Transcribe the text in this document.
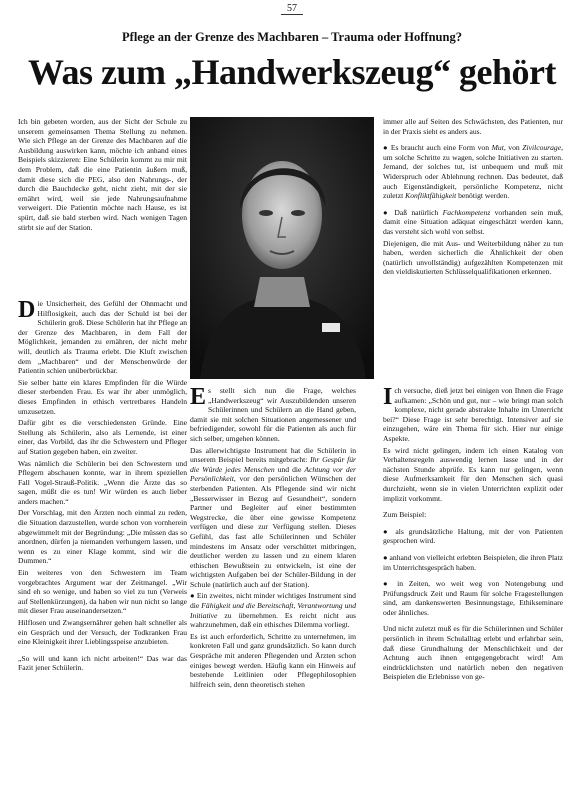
57
Pflege an der Grenze des Machbaren – Trauma oder Hoffnung?
Was zum „Handwerkszeug“ gehört

Ich bin gebeten worden, aus der Sicht der Schule zu unserem gemeinsamen Thema Stellung zu nehmen. Wie sich Pflege an der Grenze des Machbaren auf die Ausbildung auswirken kann, möchte ich anhand eines Beispiels skizzieren: Eine Schülerin kommt zu mir mit dem Problem, daß die eine Patientin äußern muß, damit diese sich die PEG, also den Nahrungs-, der durch die Bauchdecke geht, nicht zieht, mit der sie ernährt wird, weil sie jede Nahrungsaufnahme verweigert. Die Patientin möchte nach Hause, es ist spürt, daß sie bald sterben wird. Nach wenigen Tagen stirbt sie auf der Station.

Die Unsicherheit, des Gefühl der Ohnmacht und Hilflosigkeit, auch das der Schuld ist bei der Schülerin groß. Diese Schülerin hat ihr Pflege an der Grenze des Machbaren, in dem Fall der Möglichkeit, jemanden zu ernähren, der nicht mehr will, deutlich als Trauma erlebt. Die Kluft zwischen dem „Machbaren“ und der Menschenwürde der Patientin schien unüberbrückbar.

Sie selber hatte ein klares Empfinden für die Würde dieser sterbenden Frau. Es war ihr aber unmöglich, dieses Empfinden in ethisch vertretbares Handeln umzusetzen.

Dafür gibt es die verschiedensten Gründe. Eine Stellung als Schülerin, also als Lernende, ist einer einer, das Vorbild, das ihr die Schwestern und Pfleger auf Station gegeben haben, ein zweiter.

Was nämlich die Schülerin bei den Schwestern und Pflegern abschauen konnte, war in ihrem speziellen Fall Vogel-Strauß-Politik. „Wenn die Ärzte das so sagen, müßt die es tun! Wir würden es auch lieber anders machen.“

Der Vorschlag, mit den Ärzten noch einmal zu reden, die Situation darzustellen, wurde schon von vornherein abgewimmelt mit der Begründung: „Die müssen das so anordnen, dürfen ja niemanden verhungern lassen, und wenn es zu einer Klage kommt, sind wir die Dummen.“

Ein weiteres von den Schwestern im Team vorgebrachtes Argument war der Zeitmangel. „Wir sind eh so wenige, und haben so viel zu tun (Verweis auf Stellenkürzungen), da haben wir nun nicht so lange mit dieser Frau auseinandersetzen.“

Hilflosen und Zwangsernährer gehen halt schneller als ein Gespräch und der Versuch, der Todkranken Frau eine Kleinigkeit ihrer Lieblingsspeise anzubieten.

„So will und kann ich nicht arbeiten!“ Das war das Fazit jener Schülerin.

Es stellt sich nun die Frage, welches „Handwerkszeug“ wir Auszubildenden unseren Schülerinnen und Schülern an die Hand geben, damit sie mit solchen Situationen angemessener und befriedigender, sowohl für die Patienten als auch für sich selber, umgehen können.

Das allerwichtigste Instrument hat die Schülerin in unserem Beispiel bereits mitgebracht: Ihr Gespür für die Würde jedes Menschen und die Achtung vor der Persönlichkeit, vor den persönlichen Wünschen der sterbenden Patienten. Als Pflegende sind wir nicht „Besserwisser in Bezug auf Gesundheit“, sondern Partner und Begleiter auf einer bestimmten Wegstrecke, die über eine gewisse Kompetenz verfügen und diese zur Verfügung stellen. Dieses Gefühl, das fast alle Schülerinnen und Schüler mindestens im Ansatz oder verschüttet mitbringen, deutlicher werden zu lassen und zu einem klaren ethischen Bewußtsein zu entwickeln, ist eine der wichtigsten Aufgaben bei der Schüler-Bildung in der Schule (natürlich auch auf der Station).

● Ein zweites, nicht minder wichtiges Instrument sind die Fähigkeit und die Bereitschaft, Verantwortung und Initiative zu übernehmen. Es reicht nicht aus wahrzunehmen, daß ein ethisches Dilemma vorliegt.

Es ist auch erforderlich, Schritte zu unternehmen, im konkreten Fall und ganz grundsätzlich. So kann durch Gespräche mit anderen Pflegenden und Ärzten schon einiges bewegt werden. Häufig kann ein Hinweis auf bestehende Leitlinien oder Pflegephilosophien hilfreich sein, denn theoretisch stehen

immer alle auf Seiten des Schwächsten, des Patienten, nur in der Praxis sieht es anders aus.

● Es braucht auch eine Form von Mut, von Zivilcourage, um solche Schritte zu wagen, solche Initiativen zu starten. Jemand, der solches tut, ist unbequem und muß mit Widerspruch oder Ablehnung rechnen. Das bedeutet, daß auch Eigenständigkeit, persönliche Kompetenz, nicht zuletzt Konfliktfähigkeit benötigt werden.

● Daß natürlich Fachkompetenz vorhanden sein muß, damit eine Situation adäquat eingeschätzt werden kann, das versteht sich wohl von selbst.

Diejenigen, die mit Aus- und Weiterbildung näher zu tun haben, werden sicherlich die Ähnlichkeit der oben (natürlich unvollständig) aufgezählten Kompetenzen mit den vieldiskutierten Schlüsselqualifikationen erkennen.

Ich versuche, dieß jetzt bei einigen von Ihnen die Frage aufkamen: „Schön und gut, nur – wie bringt man solch komplexe, nicht gerade abstrakte Inhalte im Unterricht bei?“ Diese Frage ist sehr berechtigt. Intensiver auf sie einzugehen, wäre ein Thema für sich. Hier nur einige Aspekte.

Es wird nicht gelingen, indem ich einen Katalog von Verhaltensregeln auswendig lernen lasse und in der nächsten Stunde abprüfe. Es kann nur gelingen, wenn diese Aufmerksamkeit für den Menschen sich quasi durchzieht, wenn sie in vielen Unterrichten explizit oder implizit vorkommt.

Zum Beispiel:

● als grundsätzliche Haltung, mit der von Patienten gesprochen wird.

● anhand von vielleicht erlebten Beispielen, die ihren Platz im Unterrichtsgespräch haben.

● in Zeiten, wo weit weg von Notengebung und Prüfungsdruck Zeit und Raum für solche Fragestellungen sind, am dankenswerten Besinnungstage, Ethikseminare oder ähnliches.

Und nicht zuletzt muß es für die Schülerinnen und Schüler persönlich in ihrem Schulalltag erlebt und erfahrbar sein, daß diese Grundhaltung der Menschlichkeit und der Achtung auch ihnen entgegengebracht wird! Am eindrücklichsten und natürlich neben den negativen Beispielen die Erlebnisse von ge-
